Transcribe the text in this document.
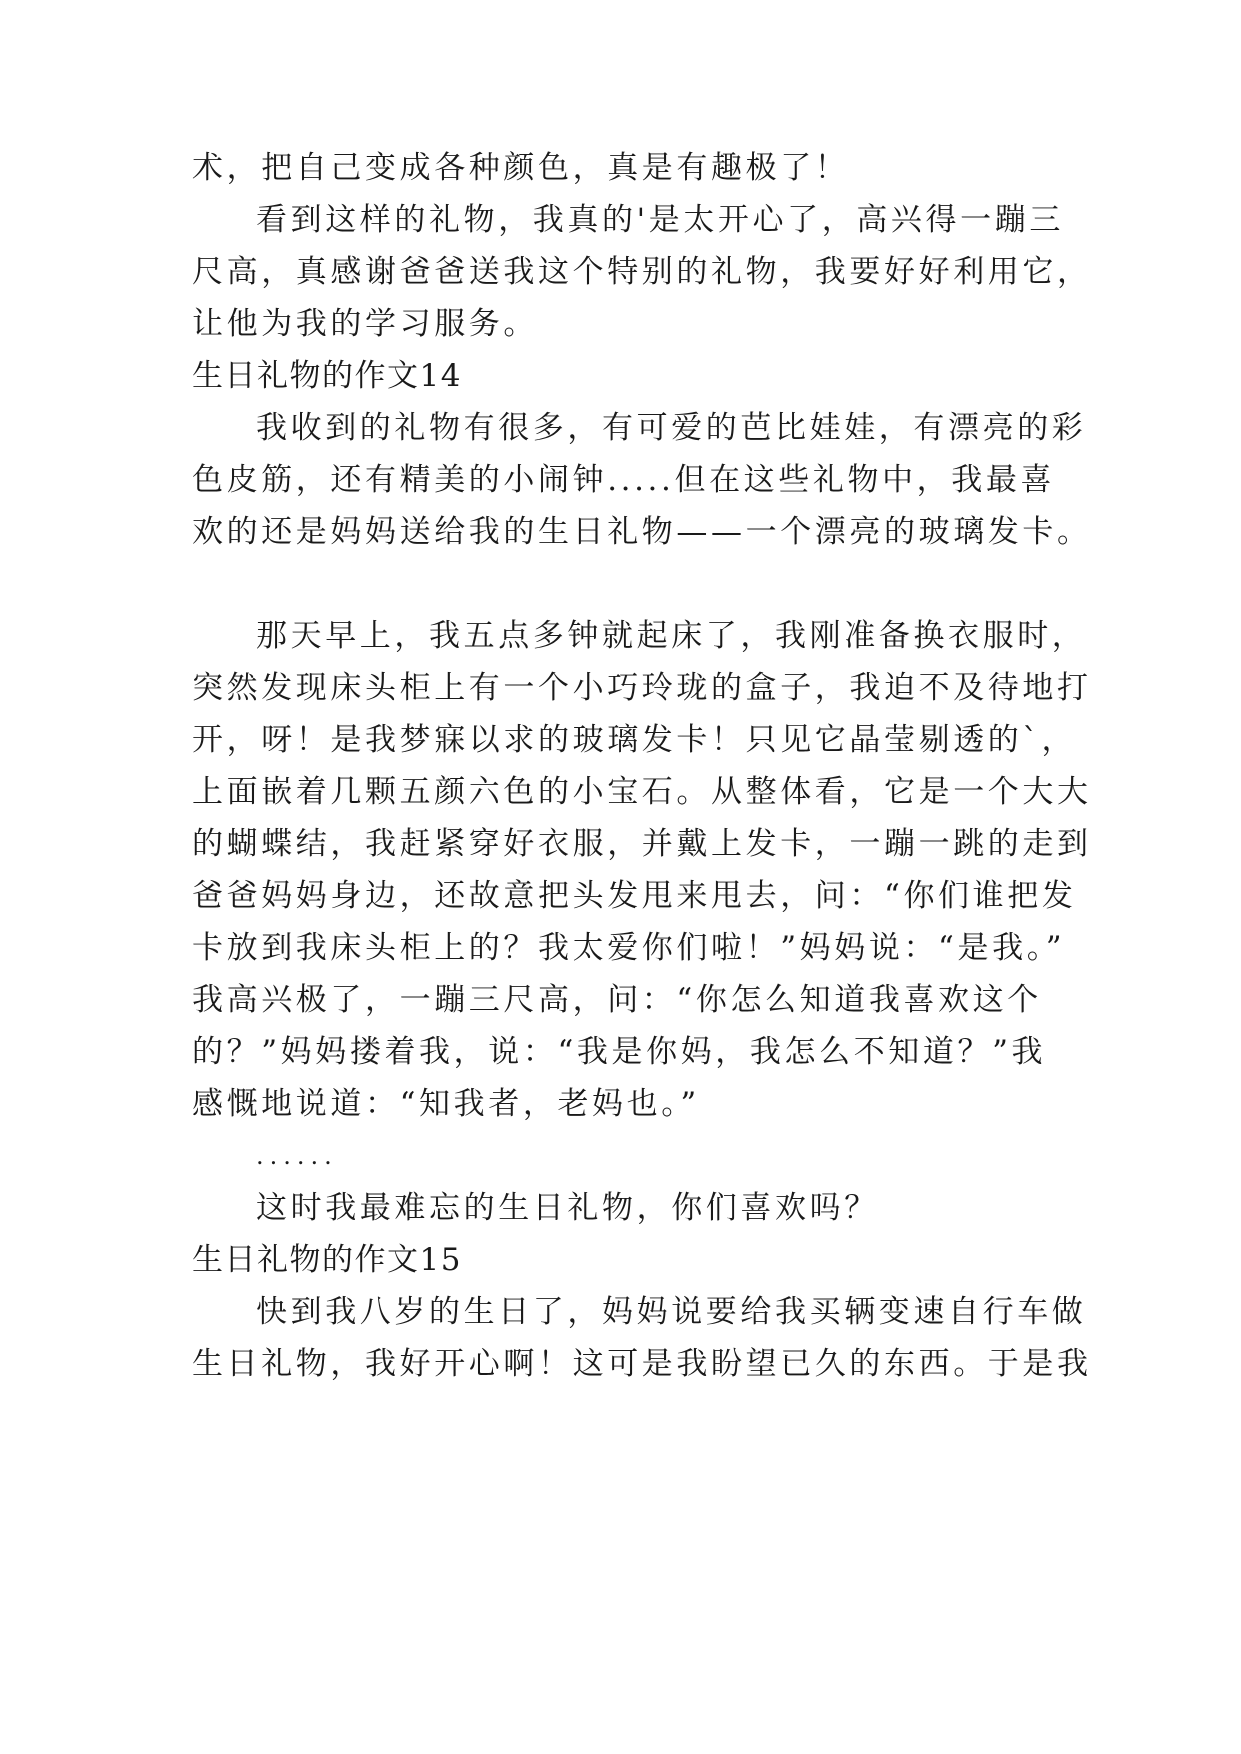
术，把自己变成各种颜色，真是有趣极了！
看到这样的礼物，我真的'是太开心了，高兴得一蹦三
尺高，真感谢爸爸送我这个特别的礼物，我要好好利用它，
让他为我的学习服务。
生日礼物的作文14
我收到的礼物有很多，有可爱的芭比娃娃，有漂亮的彩
色皮筋，还有精美的小闹钟.....但在这些礼物中，我最喜
欢的还是妈妈送给我的生日礼物——一个漂亮的玻璃发卡。
那天早上，我五点多钟就起床了，我刚准备换衣服时，
突然发现床头柜上有一个小巧玲珑的盒子，我迫不及待地打
开，呀！是我梦寐以求的玻璃发卡！只见它晶莹剔透的`，
上面嵌着几颗五颜六色的小宝石。从整体看，它是一个大大
的蝴蝶结，我赶紧穿好衣服，并戴上发卡，一蹦一跳的走到
爸爸妈妈身边，还故意把头发甩来甩去，问：“你们谁把发
卡放到我床头柜上的？我太爱你们啦！”妈妈说：“是我。”
我高兴极了，一蹦三尺高，问：“你怎么知道我喜欢这个
的？”妈妈搂着我，说：“我是你妈，我怎么不知道？”我
感慨地说道：“知我者，老妈也。”
......
这时我最难忘的生日礼物，你们喜欢吗？
生日礼物的作文15
快到我八岁的生日了，妈妈说要给我买辆变速自行车做
生日礼物，我好开心啊！这可是我盼望已久的东西。于是我
